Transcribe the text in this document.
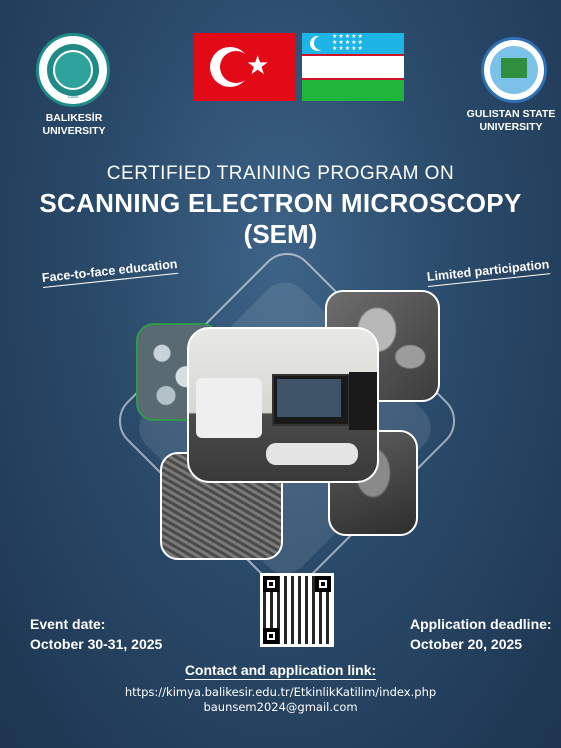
1992
BALIKESİR
UNIVERSITY
GULISTAN STATE
UNIVERSITY
★
★★★★★
★★★★★
★★★★★
CERTIFIED TRAINING PROGRAM ON
SCANNING ELECTRON MICROSCOPY
(SEM)
Face-to-face education	Limited participation
Event date:
October 30-31, 2025
Application deadline:
October 20, 2025
Contact and application link:
https://kimya.balikesir.edu.tr/EtkinlikKatilim/index.php
baunsem2024@gmail.com
